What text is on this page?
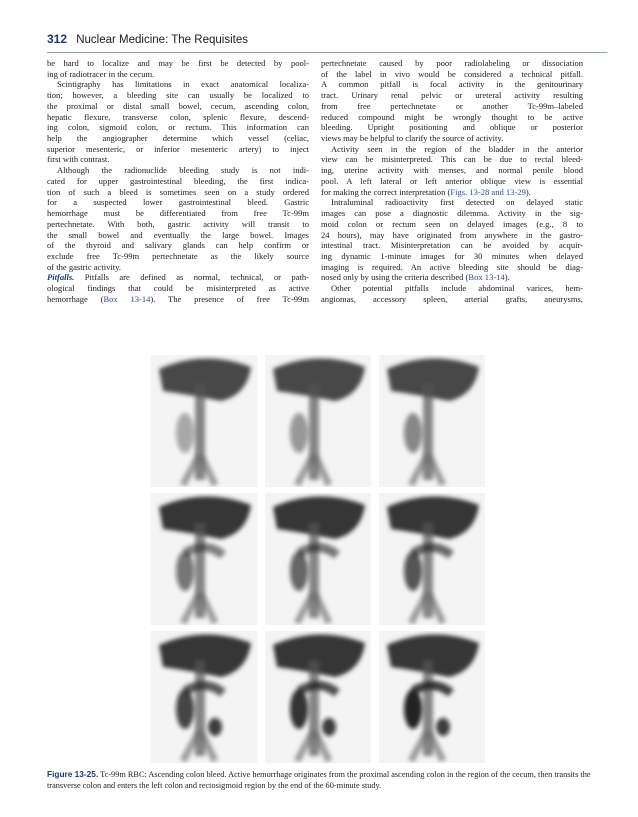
312 Nuclear Medicine: The Requisites

be hard to localize and may be first be detected by pool-

ing of radiotracer in the cecum.

Scintigraphy has limitations in exact anatomical localiza-

tion; however, a bleeding site can usually be localized to

the proximal or distal small bowel, cecum, ascending colon,

hepatic flexure, transverse colon, splenic flexure, descend-

ing colon, sigmoid colon, or rectum. This information can

help the angiographer determine which vessel (celiac,

superior mesenteric, or inferior mesenteric artery) to inject

first with contrast.

Although the radionuclide bleeding study is not indi-

cated for upper gastrointestinal bleeding, the first indica-

tion of such a bleed is sometimes seen on a study ordered

for a suspected lower gastrointestinal bleed. Gastric

hemorrhage must be differentiated from free Tc-99m

pertechnetate. With both, gastric activity will transit to

the small bowel and eventually the large bowel. Images

of the thyroid and salivary glands can help confirm or

exclude free Tc-99m pertechnetate as the likely source

of the gastric activity.

Pitfalls. Pitfalls are defined as normal, technical, or path-

ological findings that could be misinterpreted as active

hemorrhage (Box 13-14). The presence of free Tc-99m

pertechnetate caused by poor radiolabeling or dissociation

of the label in vivo would be considered a technical pitfall.

A common pitfall is focal activity in the genitourinary

tract. Urinary renal pelvic or ureteral activity resulting

from free pertechnetate or another Tc-99m–labeled

reduced compound might be wrongly thought to be active

bleeding. Upright positioning and oblique or posterior

views may be helpful to clarify the source of activity.

Activity seen in the region of the bladder in the anterior

view can be misinterpreted. This can be due to rectal bleed-

ing, uterine activity with menses, and normal penile blood

pool. A left lateral or left anterior oblique view is essential

for making the correct interpretation (Figs. 13-28 and 13-29).

Intraluminal radioactivity first detected on delayed static

images can pose a diagnostic dilemma. Activity in the sig-

moid colon or rectum seen on delayed images (e.g., 8 to

24 hours), may have originated from anywhere in the gastro-

intestinal tract. Misinterpretation can be avoided by acquir-

ing dynamic 1-minute images for 30 minutes when delayed

imaging is required. An active bleeding site should be diag-

nosed only by using the criteria described (Box 13-14).

Other potential pitfalls include abdominal varices, hem-

angiomas, accessory spleen, arterial grafts, aneurysms,

Figure 13-25. Tc-99m RBC: Ascending colon bleed. Active hemorrhage originates from the proximal ascending colon in the region of the cecum, then transits the transverse colon and enters the left colon and rectosigmoid region by the end of the 60-minute study.
